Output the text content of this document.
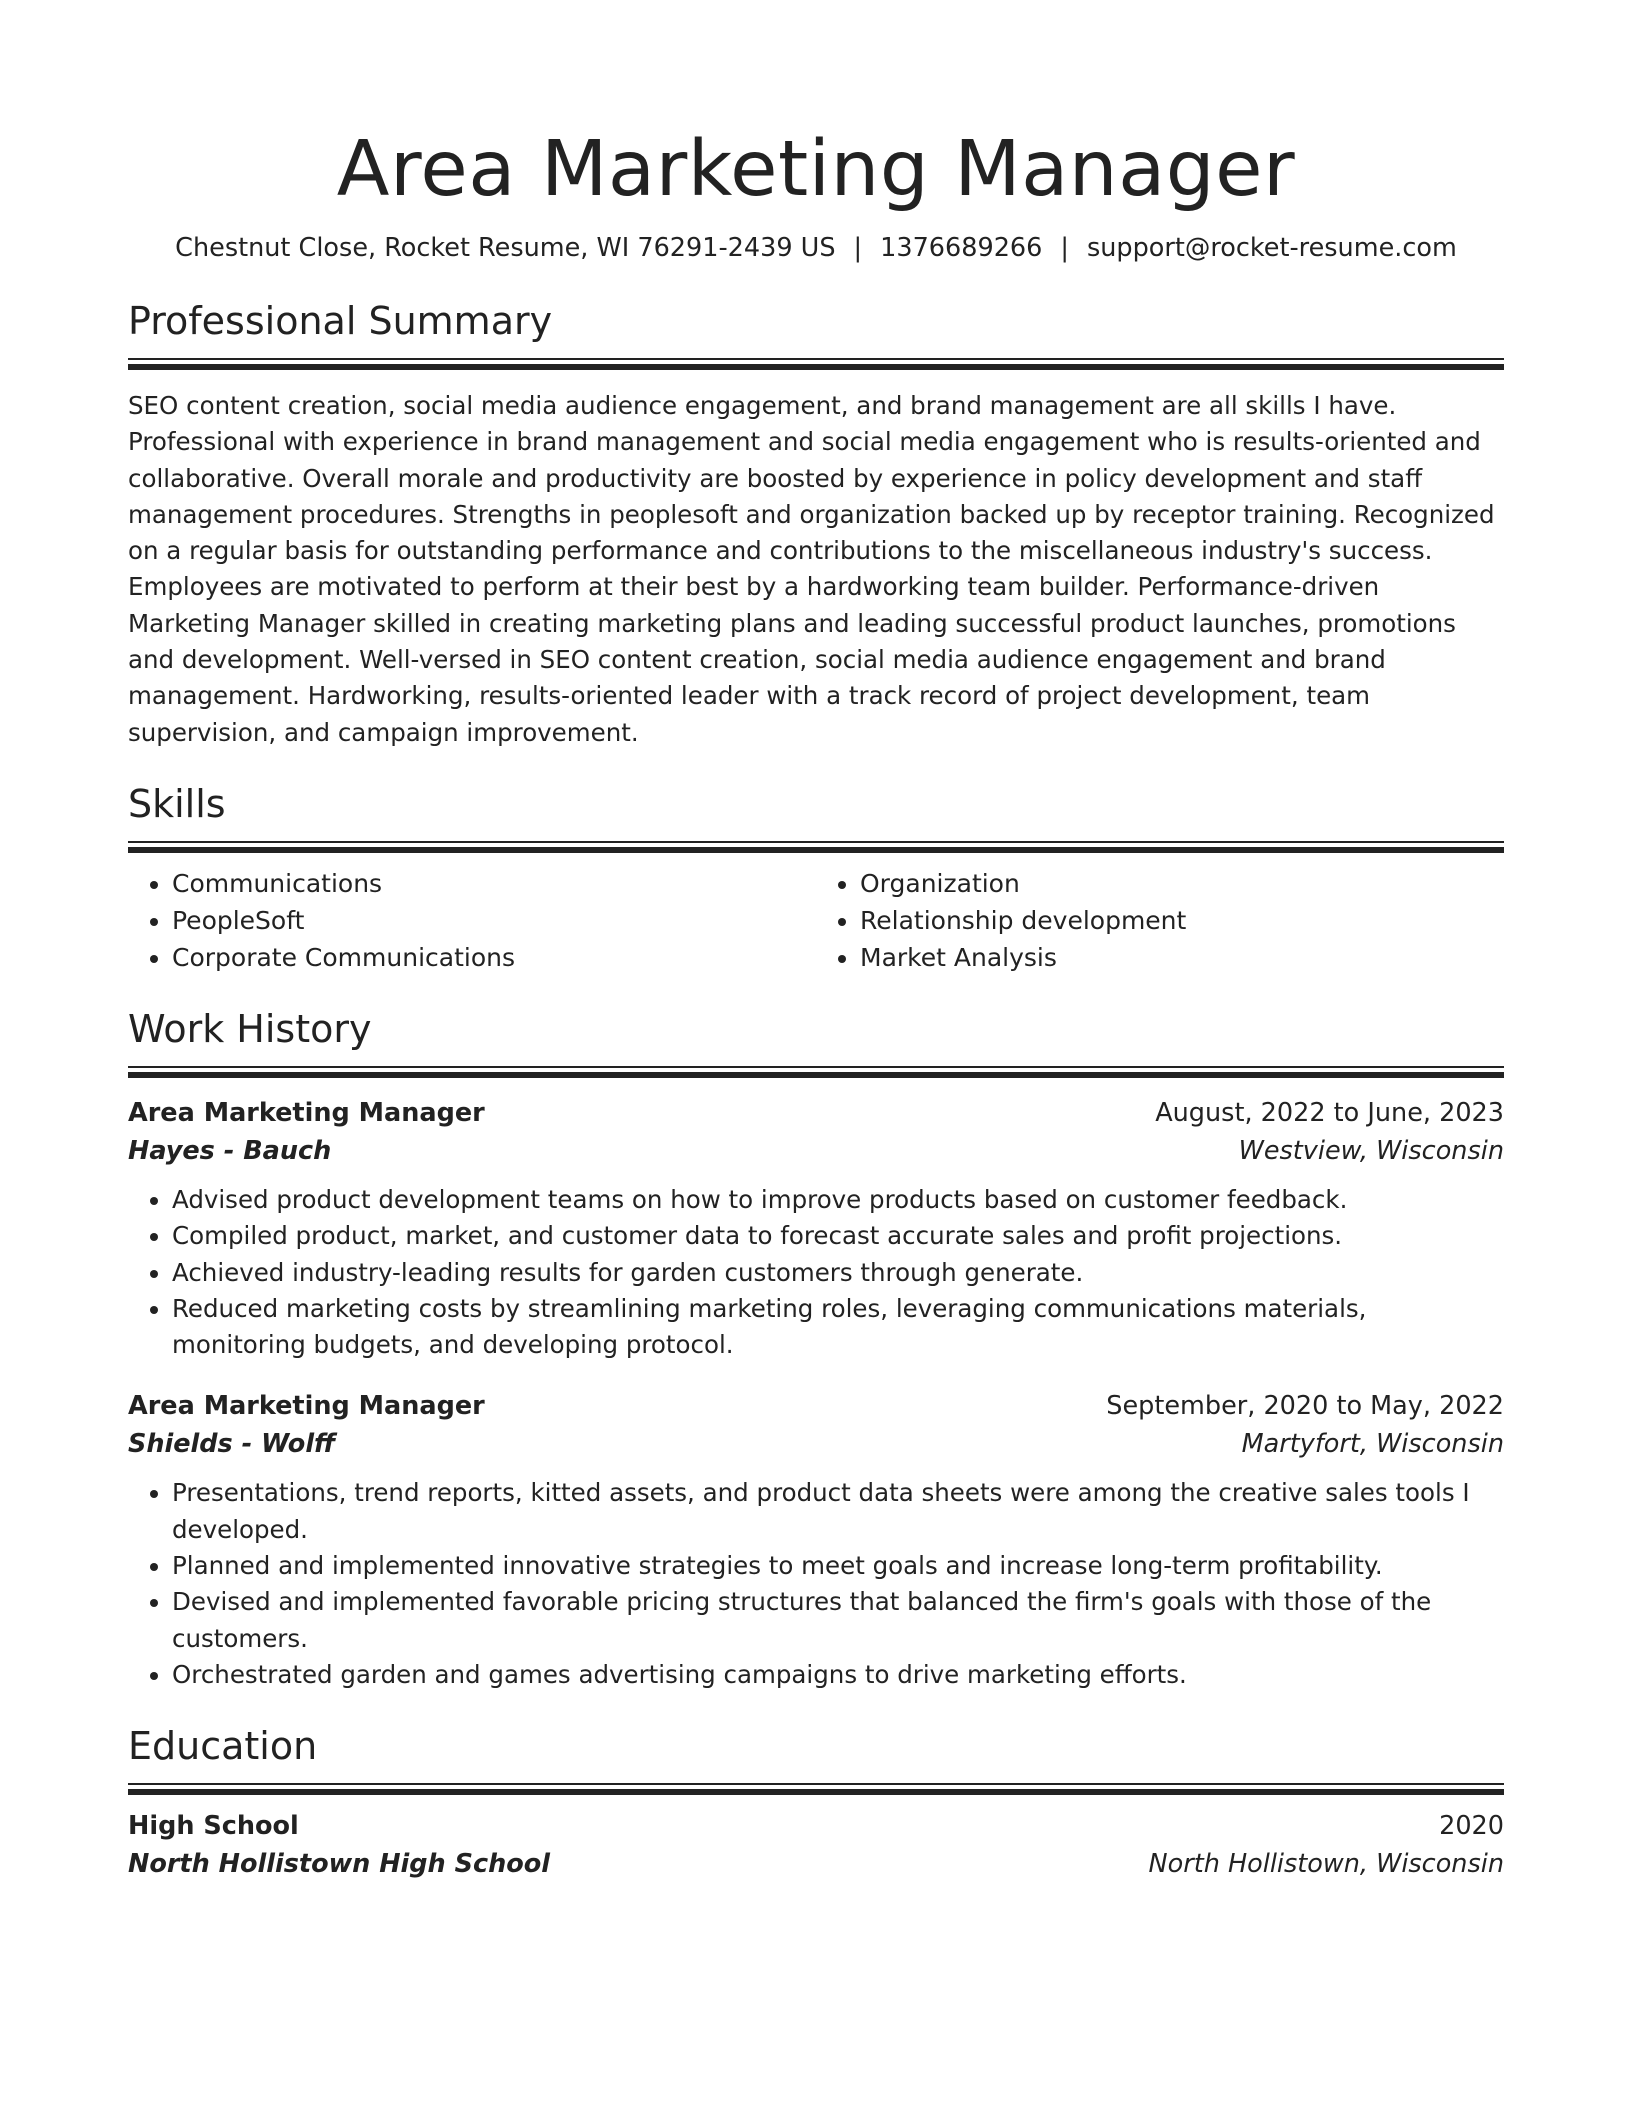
Area Marketing Manager
Chestnut Close, Rocket Resume, WI 76291-2439 US | 1376689266 | support@rocket-resume.com
Professional Summary
SEO content creation, social media audience engagement, and brand management are all skills I have. Professional with experience in brand management and social media engagement who is results-oriented and collaborative. Overall morale and productivity are boosted by experience in policy development and staff management procedures. Strengths in peoplesoft and organization backed up by receptor training. Recognized on a regular basis for outstanding performance and contributions to the miscellaneous industry's success. Employees are motivated to perform at their best by a hardworking team builder. Performance-driven Marketing Manager skilled in creating marketing plans and leading successful product launches, promotions and development. Well-versed in SEO content creation, social media audience engagement and brand management. Hardworking, results-oriented leader with a track record of project development, team supervision, and campaign improvement.
Skills
• Communications
• PeopleSoft
• Corporate Communications
• Organization
• Relationship development
• Market Analysis
Work History
Area Marketing Manager	August, 2022 to June, 2023
Hayes - Bauch	Westview, Wisconsin
• Advised product development teams on how to improve products based on customer feedback.
• Compiled product, market, and customer data to forecast accurate sales and profit projections.
• Achieved industry-leading results for garden customers through generate.
• Reduced marketing costs by streamlining marketing roles, leveraging communications materials, monitoring budgets, and developing protocol.
Area Marketing Manager	September, 2020 to May, 2022
Shields - Wolff	Martyfort, Wisconsin
• Presentations, trend reports, kitted assets, and product data sheets were among the creative sales tools I developed.
• Planned and implemented innovative strategies to meet goals and increase long-term profitability.
• Devised and implemented favorable pricing structures that balanced the firm's goals with those of the customers.
• Orchestrated garden and games advertising campaigns to drive marketing efforts.
Education
High School	2020
North Hollistown High School	North Hollistown, Wisconsin
